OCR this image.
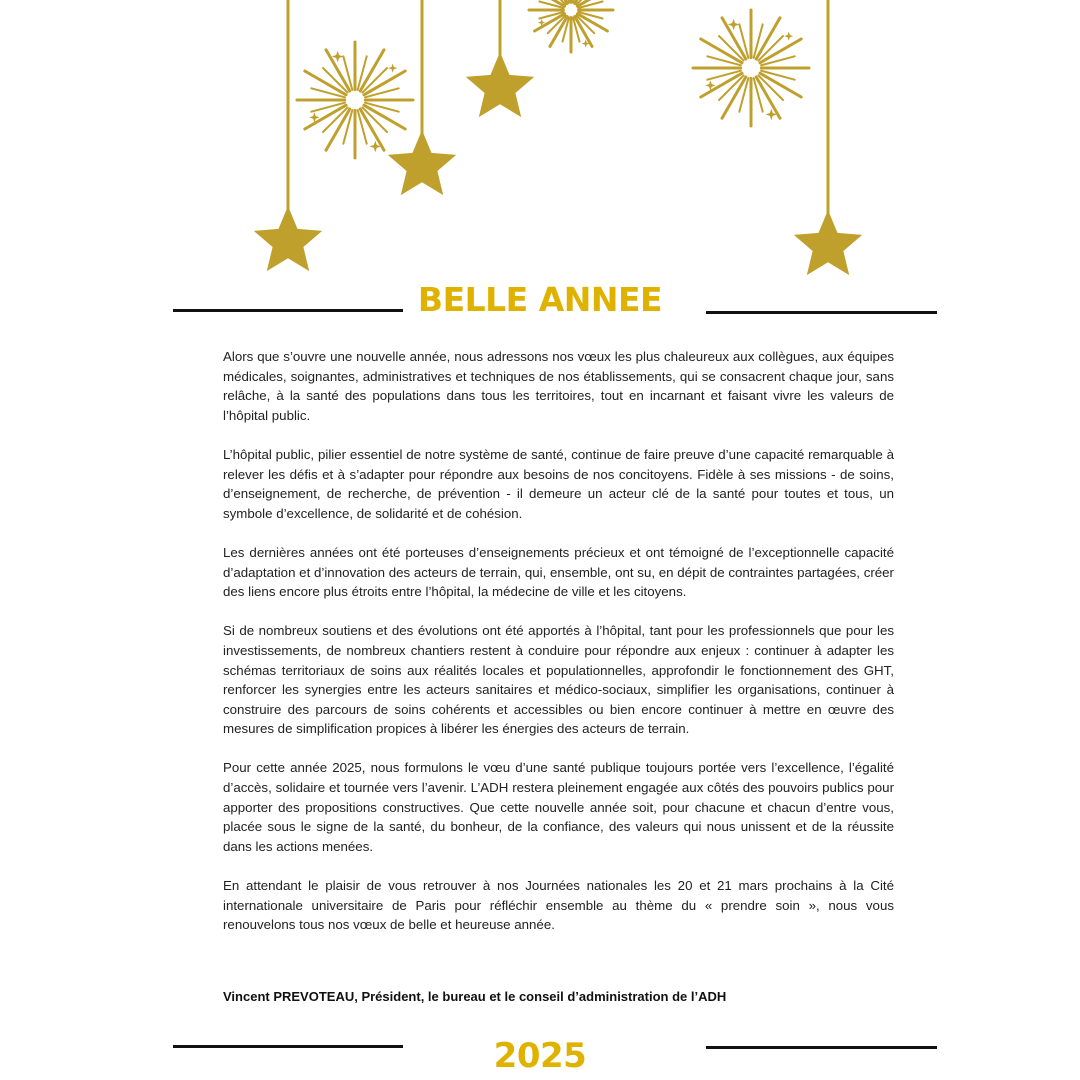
BELLE ANNEE

Alors que s’ouvre une nouvelle année, nous adressons nos vœux les plus chaleureux aux collègues, aux équipes médicales, soignantes, administratives et techniques de nos établissements, qui se consacrent chaque jour, sans relâche, à la santé des populations dans tous les territoires, tout en incarnant et faisant vivre les valeurs de l’hôpital public.

L’hôpital public, pilier essentiel de notre système de santé, continue de faire preuve d’une capacité remarquable à relever les défis et à s’adapter pour répondre aux besoins de nos concitoyens. Fidèle à ses missions - de soins, d’enseignement, de recherche, de prévention - il demeure un acteur clé de la santé pour toutes et tous, un symbole d’excellence, de solidarité et de cohésion.

Les dernières années ont été porteuses d’enseignements précieux et ont témoigné de l’exceptionnelle capacité d’adaptation et d’innovation des acteurs de terrain, qui, ensemble, ont su, en dépit de contraintes partagées, créer des liens encore plus étroits entre l’hôpital, la médecine de ville et les citoyens.

Si de nombreux soutiens et des évolutions ont été apportés à l’hôpital, tant pour les professionnels que pour les investissements, de nombreux chantiers restent à conduire pour répondre aux enjeux : continuer à adapter les schémas territoriaux de soins aux réalités locales et populationnelles, approfondir le fonctionnement des GHT, renforcer les synergies entre les acteurs sanitaires et médico-sociaux, simplifier les organisations, continuer à construire des parcours de soins cohérents et accessibles ou bien encore continuer à mettre en œuvre des mesures de simplification propices à libérer les énergies des acteurs de terrain.

Pour cette année 2025, nous formulons le vœu d’une santé publique toujours portée vers l’excellence, l’égalité d’accès, solidaire et tournée vers l’avenir. L’ADH restera pleinement engagée aux côtés des pouvoirs publics pour apporter des propositions constructives. Que cette nouvelle année soit, pour chacune et chacun d’entre vous, placée sous le signe de la santé, du bonheur, de la confiance, des valeurs qui nous unissent et de la réussite dans les actions menées.

En attendant le plaisir de vous retrouver à nos Journées nationales les 20 et 21 mars prochains à la Cité internationale universitaire de Paris pour réfléchir ensemble au thème du « prendre soin », nous vous renouvelons tous nos vœux de belle et heureuse année.

Vincent PREVOTEAU, Président, le bureau et le conseil d’administration de l’ADH
2025
